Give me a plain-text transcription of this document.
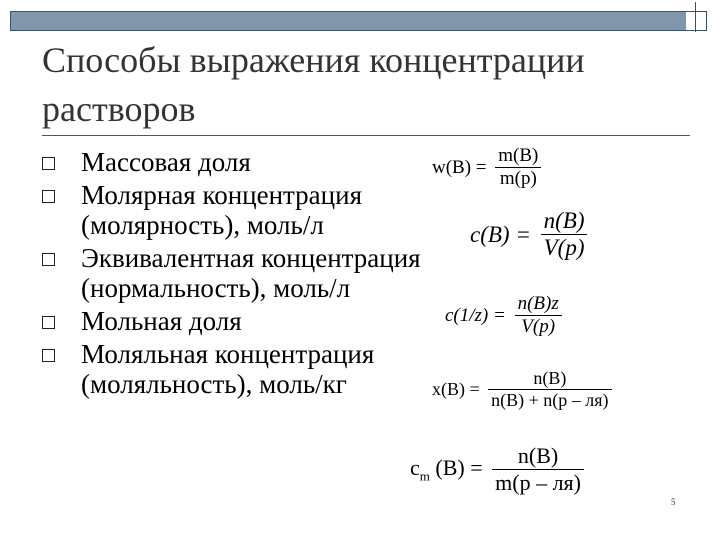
Способы выражения концентрации растворов
Массовая доля
Молярная концентрация (молярность), моль/л
Эквивалентная концентрация (нормальность), моль/л
Мольная доля
Моляльная концентрация (моляльность), моль/кг
$w(B) = \frac{m(B)}{m(p)}$
$c(B) = \frac{n(B)}{V(p)}$
$c(1/z) = \frac{n(B)z}{V(p)}$
$x(B) = \frac{n(B)}{n(B) + n(p - ля)}$
$c_m$ $(B) = \frac{n(B)}{m(p - ля)}$
5
